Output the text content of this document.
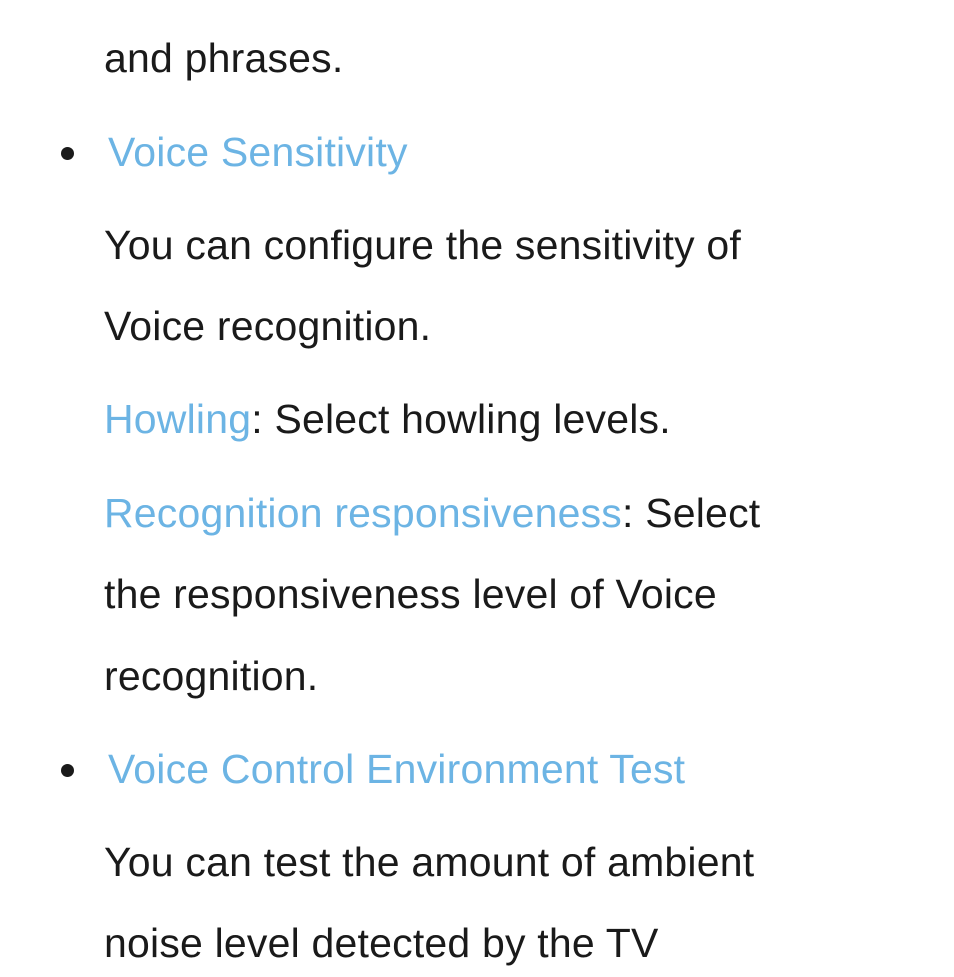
and phrases.
Voice Sensitivity
You can configure the sensitivity of
Voice recognition.
Howling: Select howling levels.
Recognition responsiveness: Select
the responsiveness level of Voice
recognition.
Voice Control Environment Test
You can test the amount of ambient
noise level detected by the TV
